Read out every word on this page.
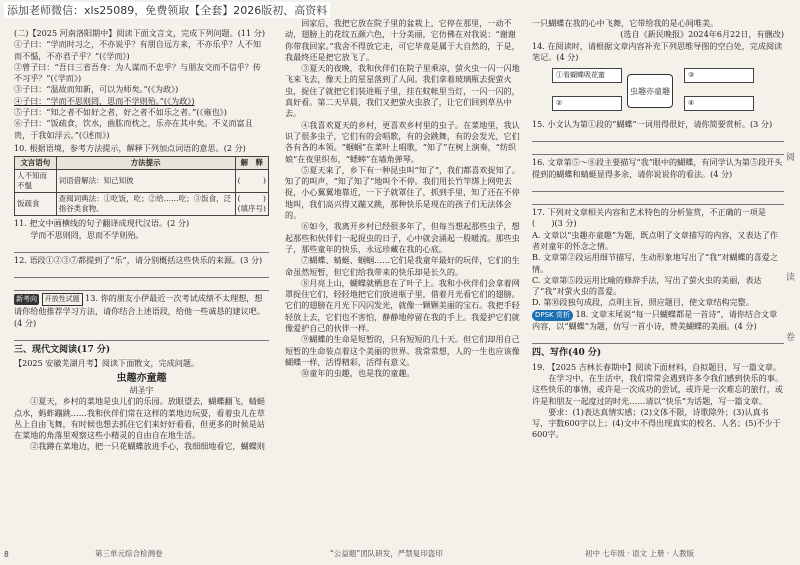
添加老师微信：xls25089，免费领取【全套】2026版初、高资料

(二)【2025 河南洛阳期中】阅读下面文言文，完成下列问题。(11 分)

①子曰：“学而时习之，不亦说乎？有朋自远方来，不亦乐乎？人不知而不愠，不亦君子乎？”(《学而》)

②曾子曰：“吾日三省吾身：为人谋而不忠乎？与朋友交而不信乎？传不习乎？”(《学而》)

③子曰：“温故而知新，可以为师矣。”(《为政》)

④子曰：“学而不思则罔，思而不学则殆。”(《为政》)

⑤子曰：“知之者不如好之者，好之者不如乐之者。”(《雍也》)

⑥子曰：“饭疏食，饮水，曲肱而枕之，乐亦在其中矣。不义而富且贵，于我如浮云。”(《述而》)

10. 根据语境，参考方法提示，解释下列加点词语的意思。(2 分)

文言语句	方法提示	解　释
人不知而不愠	词语借解法：知己知彼	(　　　)
饭疏食	查阅词典法：①吃饭，吃；②给……吃；③饭食，泛指谷类食物。	(　　　)
(填序号)

11. 把文中画横线的句子翻译成现代汉语。(2 分)

学而不思则罔，思而不学则殆。

12. 语段①②③⑦都提到了“乐”，请分别概括这些快乐的来源。(3 分)

新考向 开放性试题 13. 你的朋友小伊最近一次考试成绩不太理想，想请你给他推荐学习方法，请你结合上述语段，给他一些诚恳的建议吧。(4 分)

三、现代文阅读(17 分)

【2025 安徽芜湖月考】阅读下面散文，完成问题。

虫趣亦童趣

胡圣宇

①夏天，乡村的菜地是虫儿们的乐园。放眼望去，蝴蝶翻飞，蜻蜓点水，蚂蚱蹦跳……我和伙伴们常在这样的菜地边玩耍，看着虫儿在草丛上自由飞舞，有时候也想去抓住它们来好好看看，但更多的时候是站在菜地的角落里观察这些小精灵的自由自在地生活。

②我蹲在菜地边，把一只花蝴蝶放进手心，我细细地看它，蝴蝶则

回家后，我把它放在院子里的盆栽上，它停在那里，一动不动，翅膀上的花纹五颜六色，十分美丽，它仿佛在对我说：“谢谢你带我回家。”我舍不得放它走，可它毕竟是属于大自然的，于是，我最终还是把它放飞了。

③夏天的夜晚，我和伙伴们在院子里乘凉，萤火虫一闪一闪地飞来飞去，像天上的星星落到了人间。我们拿着玻璃瓶去捉萤火虫，捉住了就把它们装进瓶子里，挂在蚊帐里当灯，一闪一闪的，真好看。第二天早晨，我们又把萤火虫放了，让它们回到草丛中去。

④我喜欢夏天的乡村，更喜欢乡村里的虫子。在菜地里，我认识了很多虫子，它们有的会唱歌，有的会跳舞，有的会发光，它们各有各的本领。“蝈蝈”在菜叶上唱歌，“知了”在树上演奏，“纺织娘”在夜里织布，“蟋蟀”在墙角弹琴。

⑤夏天来了，乡下有一种昆虫叫“知了”，我们都喜欢捉知了。知了的叫声，“知了知了”地叫个不停。我们用长竹竿绑上网兜去捉，小心翼翼地靠近，一下子就罩住了，抓到手里，知了还在不停地叫，我们高兴得又蹦又跳，那种快乐是现在的孩子们无法体会的。

⑥如今，我离开乡村已经很多年了，但每当想起那些虫子，想起那些和伙伴们一起捉虫的日子，心中就会涌起一股暖流。那些虫子，那些童年的快乐，永远珍藏在我的心底。

⑦蝴蝶、蜻蜓、蝈蝈……它们是我童年最好的玩伴，它们的生命虽然短暂，但它们给我带来的快乐却是长久的。

⑧月亮上山，蝴蝶就栖息在了叶子上。我和小伙伴们会拿着网罩捉住它们，轻轻地把它们放进瓶子里，借着月光看它们的翅膀。它们的翅膀在月光下闪闪发光，就像一颗颗美丽的宝石。我把手轻轻放上去，它们也不害怕，静静地停留在我的手上。我爱护它们就像爱护自己的伙伴一样。

⑨蝴蝶的生命是短暂的，只有短短的几十天。但它们却用自己短暂的生命装点着这个美丽的世界。我常常想，人的一生也应该像蝴蝶一样，活得精彩，活得有意义。

⑩童年的虫趣，也是我的童趣。

一只蝴蝶在我的心中飞舞，它带给我的是心间唯美。

(选自《新民晚报》2024年6月22日，有删改)

14. 在阅读时，请根据文章内容补充下列思维导图的空白处，完成阅读笔记。(4 分)

①看蝴蝶吸花蜜
②
虫趣亦童趣
③
④

15. 小文认为第①段的“蝴蝶”一词用得很好，请你简要赏析。(3 分)

16. 文章第⑤～⑧段主要描写“我”眼中的蝴蝶，有同学认为第⑤段开头提到的蝴蝶和蜻蜓显得多余，请你说说你的看法。(4 分)

17. 下列对文章相关内容和艺术特色的分析鉴赏，不正确的一项是(　　)(3 分)

A. 文章以“虫趣亦童趣”为题，既点明了文章描写的内容，又表达了作者对童年的怀念之情。

B. 文章第②段运用细节描写，生动形象地写出了“我”对蝴蝶的喜爱之情。

C. 文章第⑤段运用比喻的修辞手法，写出了萤火虫的美丽，表达了“我”对萤火虫的喜爱。

D. 第⑩段独句成段，点明主旨，照应题目，使文章结构完整。

DPSK 赏析 18. 文章末尾说“每一只蝴蝶都是一首诗”，请你结合文章内容，以“蝴蝶”为题，仿写一首小诗，赞美蝴蝶的美丽。(4 分)

四、写作(40 分)

19. 【2025 吉林长春期中】阅读下面材料，自拟题目，写一篇文章。

在学习中，在生活中，我们常常会遇到许多令我们感到快乐的事。这些快乐的事情，或许是一次成功的尝试，或许是一次难忘的旅行，或许是和朋友一起度过的时光……请以“快乐”为话题，写一篇文章。

要求：(1)表达真情实感；(2)文体不限，诗歌除外；(3)认真书写，字数600字以上；(4)文中不得出现真实的校名、人名；(5)不少于600字。

阅
读
卷
8	第三单元综合检测卷	“公益题”团队研发，严禁复印盗印	初中 七年级 · 语文 上册 · 人教版
